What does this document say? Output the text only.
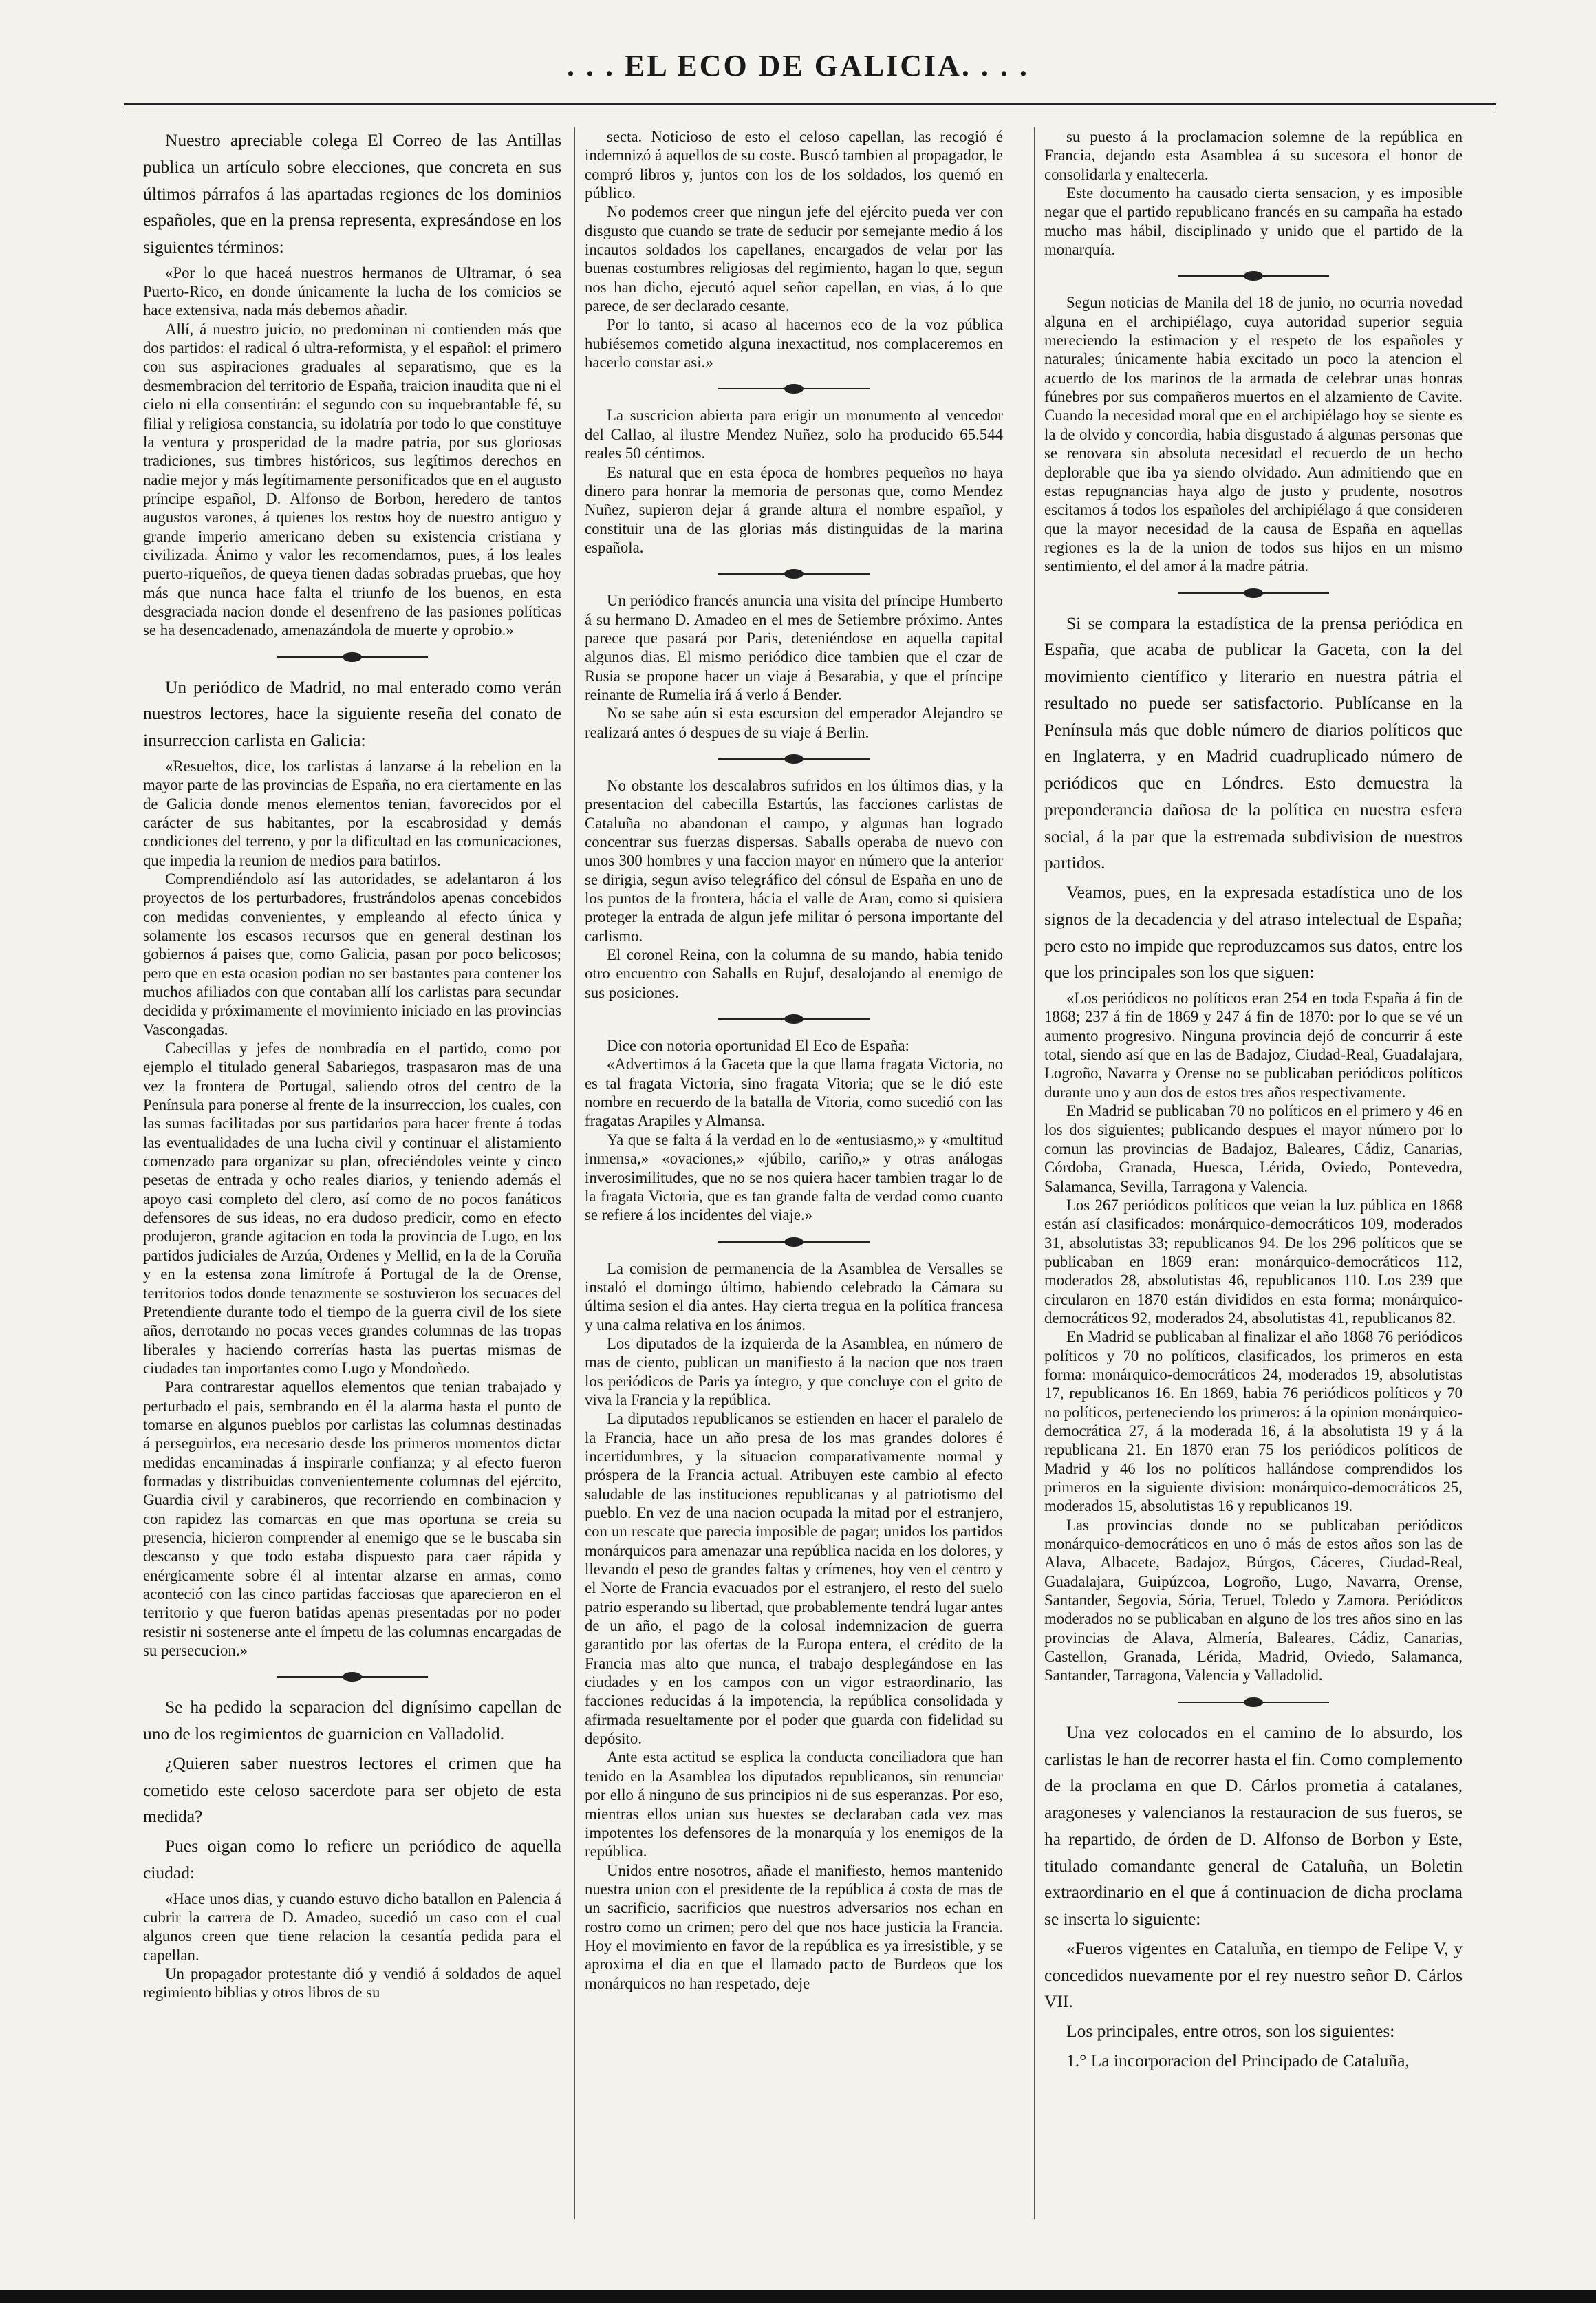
. . . EL ECO DE GALICIA. . . .

Nuestro apreciable colega El Correo de las Antillas publica un artículo sobre elecciones, que concreta en sus últimos párrafos á las apartadas regiones de los dominios españoles, que en la prensa representa, expresándose en los siguientes términos:

«Por lo que haceá nuestros hermanos de Ultramar, ó sea Puerto-Rico, en donde únicamente la lucha de los comicios se hace extensiva, nada más debemos añadir.

Allí, á nuestro juicio, no predominan ni contienden más que dos partidos: el radical ó ultra-reformista, y el español: el primero con sus aspiraciones graduales al separatismo, que es la desmembracion del territorio de España, traicion inaudita que ni el cielo ni ella consentirán: el segundo con su inquebrantable fé, su filial y religiosa constancia, su idolatría por todo lo que constituye la ventura y prosperidad de la madre patria, por sus gloriosas tradiciones, sus timbres históricos, sus legítimos derechos en nadie mejor y más legítimamente personificados que en el augusto príncipe español, D. Alfonso de Borbon, heredero de tantos augustos varones, á quienes los restos hoy de nuestro antiguo y grande imperio americano deben su existencia cristiana y civilizada. Ánimo y valor les recomendamos, pues, á los leales puerto-riqueños, de queya tienen dadas sobradas pruebas, que hoy más que nunca hace falta el triunfo de los buenos, en esta desgraciada nacion donde el desenfreno de las pasiones políticas se ha desencadenado, amenazándola de muerte y oprobio.»

Un periódico de Madrid, no mal enterado como verán nuestros lectores, hace la siguiente reseña del conato de insurreccion carlista en Galicia:

«Resueltos, dice, los carlistas á lanzarse á la rebelion en la mayor parte de las provincias de España, no era ciertamente en las de Galicia donde menos elementos tenian, favorecidos por el carácter de sus habitantes, por la escabrosidad y demás condiciones del terreno, y por la dificultad en las comunicaciones, que impedia la reunion de medios para batirlos.

Comprendiéndolo así las autoridades, se adelantaron á los proyectos de los perturbadores, frustrándolos apenas concebidos con medidas convenientes, y empleando al efecto única y solamente los escasos recursos que en general destinan los gobiernos á paises que, como Galicia, pasan por poco belicosos; pero que en esta ocasion podian no ser bastantes para contener los muchos afiliados con que contaban allí los carlistas para secundar decidida y próximamente el movimiento iniciado en las provincias Vascongadas.

Cabecillas y jefes de nombradía en el partido, como por ejemplo el titulado general Sabariegos, traspasaron mas de una vez la frontera de Portugal, saliendo otros del centro de la Península para ponerse al frente de la insurreccion, los cuales, con las sumas facilitadas por sus partidarios para hacer frente á todas las eventualidades de una lucha civil y continuar el alistamiento comenzado para organizar su plan, ofreciéndoles veinte y cinco pesetas de entrada y ocho reales diarios, y teniendo además el apoyo casi completo del clero, así como de no pocos fanáticos defensores de sus ideas, no era dudoso predicir, como en efecto produjeron, grande agitacion en toda la provincia de Lugo, en los partidos judiciales de Arzúa, Ordenes y Mellid, en la de la Coruña y en la estensa zona limítrofe á Portugal de la de Orense, territorios todos donde tenazmente se sostuvieron los secuaces del Pretendiente durante todo el tiempo de la guerra civil de los siete años, derrotando no pocas veces grandes columnas de las tropas liberales y haciendo correrías hasta las puertas mismas de ciudades tan importantes como Lugo y Mondoñedo.

Para contrarestar aquellos elementos que tenian trabajado y perturbado el pais, sembrando en él la alarma hasta el punto de tomarse en algunos pueblos por carlistas las columnas destinadas á perseguirlos, era necesario desde los primeros momentos dictar medidas encaminadas á inspirarle confianza; y al efecto fueron formadas y distribuidas convenientemente columnas del ejército, Guardia civil y carabineros, que recorriendo en combinacion y con rapidez las comarcas en que mas oportuna se creia su presencia, hicieron comprender al enemigo que se le buscaba sin descanso y que todo estaba dispuesto para caer rápida y enérgicamente sobre él al intentar alzarse en armas, como aconteció con las cinco partidas facciosas que aparecieron en el territorio y que fueron batidas apenas presentadas por no poder resistir ni sostenerse ante el ímpetu de las columnas encargadas de su persecucion.»

Se ha pedido la separacion del dignísimo capellan de uno de los regimientos de guarnicion en Valladolid.

¿Quieren saber nuestros lectores el crimen que ha cometido este celoso sacerdote para ser objeto de esta medida?

Pues oigan como lo refiere un periódico de aquella ciudad:

«Hace unos dias, y cuando estuvo dicho batallon en Palencia á cubrir la carrera de D. Amadeo, sucedió un caso con el cual algunos creen que tiene relacion la cesantía pedida para el capellan.

Un propagador protestante dió y vendió á soldados de aquel regimiento biblias y otros libros de su

secta. Noticioso de esto el celoso capellan, las recogió é indemnizó á aquellos de su coste. Buscó tambien al propagador, le compró libros y, juntos con los de los soldados, los quemó en público.

No podemos creer que ningun jefe del ejército pueda ver con disgusto que cuando se trate de seducir por semejante medio á los incautos soldados los capellanes, encargados de velar por las buenas costumbres religiosas del regimiento, hagan lo que, segun nos han dicho, ejecutó aquel señor capellan, en vias, á lo que parece, de ser declarado cesante.

Por lo tanto, si acaso al hacernos eco de la voz pública hubiésemos cometido alguna inexactitud, nos complaceremos en hacerlo constar asi.»

La suscricion abierta para erigir un monumento al vencedor del Callao, al ilustre Mendez Nuñez, solo ha producido 65.544 reales 50 céntimos.

Es natural que en esta época de hombres pequeños no haya dinero para honrar la memoria de personas que, como Mendez Nuñez, supieron dejar á grande altura el nombre español, y constituir una de las glorias más distinguidas de la marina española.

Un periódico francés anuncia una visita del príncipe Humberto á su hermano D. Amadeo en el mes de Setiembre próximo. Antes parece que pasará por Paris, deteniéndose en aquella capital algunos dias. El mismo periódico dice tambien que el czar de Rusia se propone hacer un viaje á Besarabia, y que el príncipe reinante de Rumelia irá á verlo á Bender.

No se sabe aún si esta escursion del emperador Alejandro se realizará antes ó despues de su viaje á Berlin.

No obstante los descalabros sufridos en los últimos dias, y la presentacion del cabecilla Estartús, las facciones carlistas de Cataluña no abandonan el campo, y algunas han logrado concentrar sus fuerzas dispersas. Saballs operaba de nuevo con unos 300 hombres y una faccion mayor en número que la anterior se dirigia, segun aviso telegráfico del cónsul de España en uno de los puntos de la frontera, hácia el valle de Aran, como si quisiera proteger la entrada de algun jefe militar ó persona importante del carlismo.

El coronel Reina, con la columna de su mando, habia tenido otro encuentro con Saballs en Rujuf, desalojando al enemigo de sus posiciones.

Dice con notoria oportunidad El Eco de España:

«Advertimos á la Gaceta que la que llama fragata Victoria, no es tal fragata Victoria, sino fragata Vitoria; que se le dió este nombre en recuerdo de la batalla de Vitoria, como sucedió con las fragatas Arapiles y Almansa.

Ya que se falta á la verdad en lo de «entusiasmo,» y «multitud inmensa,» «ovaciones,» «júbilo, cariño,» y otras análogas inverosimilitudes, que no se nos quiera hacer tambien tragar lo de la fragata Victoria, que es tan grande falta de verdad como cuanto se refiere á los incidentes del viaje.»

La comision de permanencia de la Asamblea de Versalles se instaló el domingo último, habiendo celebrado la Cámara su última sesion el dia antes. Hay cierta tregua en la política francesa y una calma relativa en los ánimos.

Los diputados de la izquierda de la Asamblea, en número de mas de ciento, publican un manifiesto á la nacion que nos traen los periódicos de Paris ya íntegro, y que concluye con el grito de viva la Francia y la república.

La diputados republicanos se estienden en hacer el paralelo de la Francia, hace un año presa de los mas grandes dolores é incertidumbres, y la situacion comparativamente normal y próspera de la Francia actual. Atribuyen este cambio al efecto saludable de las instituciones republicanas y al patriotismo del pueblo. En vez de una nacion ocupada la mitad por el estranjero, con un rescate que parecia imposible de pagar; unidos los partidos monárquicos para amenazar una república nacida en los dolores, y llevando el peso de grandes faltas y crímenes, hoy ven el centro y el Norte de Francia evacuados por el estranjero, el resto del suelo patrio esperando su libertad, que probablemente tendrá lugar antes de un año, el pago de la colosal indemnizacion de guerra garantido por las ofertas de la Europa entera, el crédito de la Francia mas alto que nunca, el trabajo desplegándose en las ciudades y en los campos con un vigor estraordinario, las facciones reducidas á la impotencia, la república consolidada y afirmada resueltamente por el poder que guarda con fidelidad su depósito.

Ante esta actitud se esplica la conducta conciliadora que han tenido en la Asamblea los diputados republicanos, sin renunciar por ello á ninguno de sus principios ni de sus esperanzas. Por eso, mientras ellos unian sus huestes se declaraban cada vez mas impotentes los defensores de la monarquía y los enemigos de la república.

Unidos entre nosotros, añade el manifiesto, hemos mantenido nuestra union con el presidente de la república á costa de mas de un sacrificio, sacrificios que nuestros adversarios nos echan en rostro como un crimen; pero del que nos hace justicia la Francia. Hoy el movimiento en favor de la república es ya irresistible, y se aproxima el dia en que el llamado pacto de Burdeos que los monárquicos no han respetado, deje

su puesto á la proclamacion solemne de la república en Francia, dejando esta Asamblea á su sucesora el honor de consolidarla y enaltecerla.

Este documento ha causado cierta sensacion, y es imposible negar que el partido republicano francés en su campaña ha estado mucho mas hábil, disciplinado y unido que el partido de la monarquía.

Segun noticias de Manila del 18 de junio, no ocurria novedad alguna en el archipiélago, cuya autoridad superior seguia mereciendo la estimacion y el respeto de los españoles y naturales; únicamente habia excitado un poco la atencion el acuerdo de los marinos de la armada de celebrar unas honras fúnebres por sus compañeros muertos en el alzamiento de Cavite. Cuando la necesidad moral que en el archipiélago hoy se siente es la de olvido y concordia, habia disgustado á algunas personas que se renovara sin absoluta necesidad el recuerdo de un hecho deplorable que iba ya siendo olvidado. Aun admitiendo que en estas repugnancias haya algo de justo y prudente, nosotros escitamos á todos los españoles del archipiélago á que consideren que la mayor necesidad de la causa de España en aquellas regiones es la de la union de todos sus hijos en un mismo sentimiento, el del amor á la madre pátria.

Si se compara la estadística de la prensa periódica en España, que acaba de publicar la Gaceta, con la del movimiento científico y literario en nuestra pátria el resultado no puede ser satisfactorio. Publícanse en la Península más que doble número de diarios políticos que en Inglaterra, y en Madrid cuadruplicado número de periódicos que en Lóndres. Esto demuestra la preponderancia dañosa de la política en nuestra esfera social, á la par que la estremada subdivision de nuestros partidos.

Veamos, pues, en la expresada estadística uno de los signos de la decadencia y del atraso intelectual de España; pero esto no impide que reproduzcamos sus datos, entre los que los principales son los que siguen:

«Los periódicos no políticos eran 254 en toda España á fin de 1868; 237 á fin de 1869 y 247 á fin de 1870: por lo que se vé un aumento progresivo. Ninguna provincia dejó de concurrir á este total, siendo así que en las de Badajoz, Ciudad-Real, Guadalajara, Logroño, Navarra y Orense no se publicaban periódicos políticos durante uno y aun dos de estos tres años respectivamente.

En Madrid se publicaban 70 no políticos en el primero y 46 en los dos siguientes; publicando despues el mayor número por lo comun las provincias de Badajoz, Baleares, Cádiz, Canarias, Córdoba, Granada, Huesca, Lérida, Oviedo, Pontevedra, Salamanca, Sevilla, Tarragona y Valencia.

Los 267 periódicos políticos que veian la luz pública en 1868 están así clasificados: monárquico-democráticos 109, moderados 31, absolutistas 33; republicanos 94. De los 296 políticos que se publicaban en 1869 eran: monárquico-democráticos 112, moderados 28, absolutistas 46, republicanos 110. Los 239 que circularon en 1870 están divididos en esta forma; monárquico-democráticos 92, moderados 24, absolutistas 41, republicanos 82.

En Madrid se publicaban al finalizar el año 1868 76 periódicos políticos y 70 no políticos, clasificados, los primeros en esta forma: monárquico-democráticos 24, moderados 19, absolutistas 17, republicanos 16. En 1869, habia 76 periódicos políticos y 70 no políticos, perteneciendo los primeros: á la opinion monárquico-democrática 27, á la moderada 16, á la absolutista 19 y á la republicana 21. En 1870 eran 75 los periódicos políticos de Madrid y 46 los no políticos hallándose comprendidos los primeros en la siguiente division: monárquico-democráticos 25, moderados 15, absolutistas 16 y republicanos 19.

Las provincias donde no se publicaban periódicos monárquico-democráticos en uno ó más de estos años son las de Alava, Albacete, Badajoz, Búrgos, Cáceres, Ciudad-Real, Guadalajara, Guipúzcoa, Logroño, Lugo, Navarra, Orense, Santander, Segovia, Sória, Teruel, Toledo y Zamora. Periódicos moderados no se publicaban en alguno de los tres años sino en las provincias de Alava, Almería, Baleares, Cádiz, Canarias, Castellon, Granada, Lérida, Madrid, Oviedo, Salamanca, Santander, Tarragona, Valencia y Valladolid.

Una vez colocados en el camino de lo absurdo, los carlistas le han de recorrer hasta el fin. Como complemento de la proclama en que D. Cárlos prometia á catalanes, aragoneses y valencianos la restauracion de sus fueros, se ha repartido, de órden de D. Alfonso de Borbon y Este, titulado comandante general de Cataluña, un Boletin extraordinario en el que á continuacion de dicha proclama se inserta lo siguiente:

«Fueros vigentes en Cataluña, en tiempo de Felipe V, y concedidos nuevamente por el rey nuestro señor D. Cárlos VII.

Los principales, entre otros, son los siguientes:

1.° La incorporacion del Principado de Cataluña,
